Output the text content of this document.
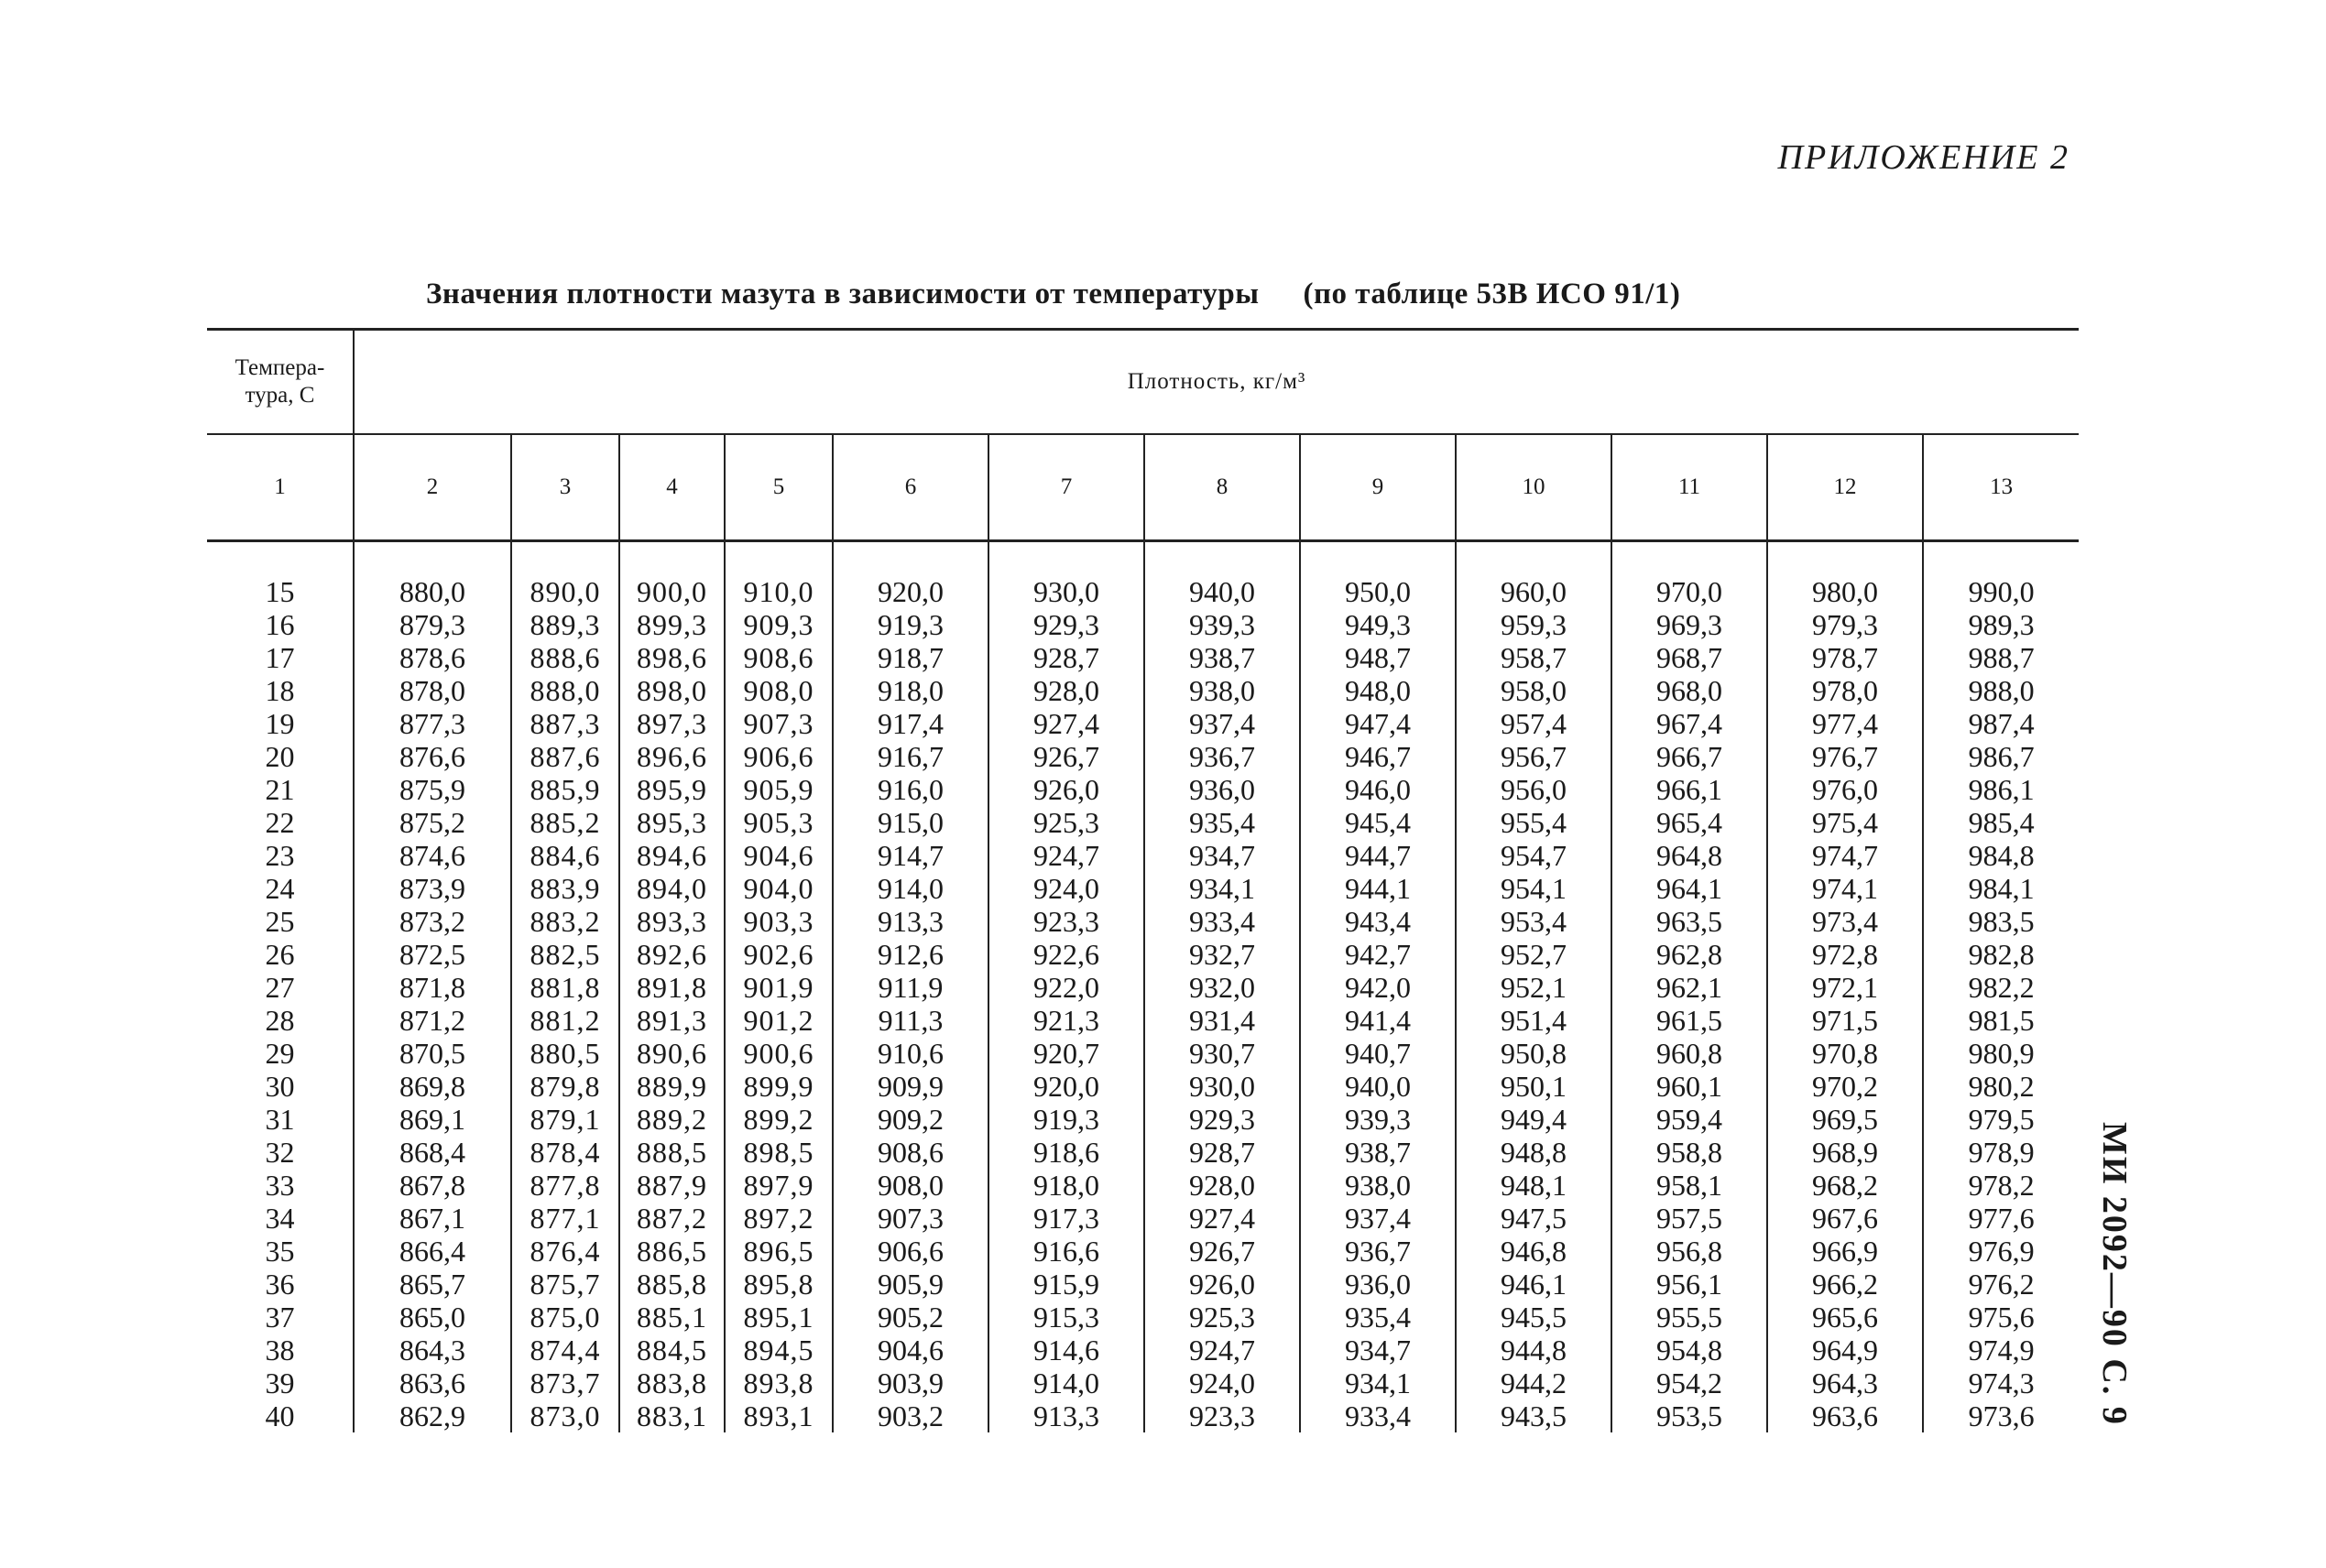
ПРИЛОЖЕНИЕ 2
Значения плотности мазута в зависимости от температуры (по таблице 53В ИСО 91/1)
МИ 2092—90 С. 9
Темпера-
тура, С	Плотность, кг/м³											
1	2	3	4	5	6	7	8	9	10	11	12	13

15	880,0	890,0	900,0	910,0	920,0	930,0	940,0	950,0	960,0	970,0	980,0	990,0
16	879,3	889,3	899,3	909,3	919,3	929,3	939,3	949,3	959,3	969,3	979,3	989,3
17	878,6	888,6	898,6	908,6	918,7	928,7	938,7	948,7	958,7	968,7	978,7	988,7
18	878,0	888,0	898,0	908,0	918,0	928,0	938,0	948,0	958,0	968,0	978,0	988,0
19	877,3	887,3	897,3	907,3	917,4	927,4	937,4	947,4	957,4	967,4	977,4	987,4
20	876,6	887,6	896,6	906,6	916,7	926,7	936,7	946,7	956,7	966,7	976,7	986,7
21	875,9	885,9	895,9	905,9	916,0	926,0	936,0	946,0	956,0	966,1	976,0	986,1
22	875,2	885,2	895,3	905,3	915,0	925,3	935,4	945,4	955,4	965,4	975,4	985,4
23	874,6	884,6	894,6	904,6	914,7	924,7	934,7	944,7	954,7	964,8	974,7	984,8
24	873,9	883,9	894,0	904,0	914,0	924,0	934,1	944,1	954,1	964,1	974,1	984,1
25	873,2	883,2	893,3	903,3	913,3	923,3	933,4	943,4	953,4	963,5	973,4	983,5
26	872,5	882,5	892,6	902,6	912,6	922,6	932,7	942,7	952,7	962,8	972,8	982,8
27	871,8	881,8	891,8	901,9	911,9	922,0	932,0	942,0	952,1	962,1	972,1	982,2
28	871,2	881,2	891,3	901,2	911,3	921,3	931,4	941,4	951,4	961,5	971,5	981,5
29	870,5	880,5	890,6	900,6	910,6	920,7	930,7	940,7	950,8	960,8	970,8	980,9
30	869,8	879,8	889,9	899,9	909,9	920,0	930,0	940,0	950,1	960,1	970,2	980,2
31	869,1	879,1	889,2	899,2	909,2	919,3	929,3	939,3	949,4	959,4	969,5	979,5
32	868,4	878,4	888,5	898,5	908,6	918,6	928,7	938,7	948,8	958,8	968,9	978,9
33	867,8	877,8	887,9	897,9	908,0	918,0	928,0	938,0	948,1	958,1	968,2	978,2
34	867,1	877,1	887,2	897,2	907,3	917,3	927,4	937,4	947,5	957,5	967,6	977,6
35	866,4	876,4	886,5	896,5	906,6	916,6	926,7	936,7	946,8	956,8	966,9	976,9
36	865,7	875,7	885,8	895,8	905,9	915,9	926,0	936,0	946,1	956,1	966,2	976,2
37	865,0	875,0	885,1	895,1	905,2	915,3	925,3	935,4	945,5	955,5	965,6	975,6
38	864,3	874,4	884,5	894,5	904,6	914,6	924,7	934,7	944,8	954,8	964,9	974,9
39	863,6	873,7	883,8	893,8	903,9	914,0	924,0	934,1	944,2	954,2	964,3	974,3
40	862,9	873,0	883,1	893,1	903,2	913,3	923,3	933,4	943,5	953,5	963,6	973,6
